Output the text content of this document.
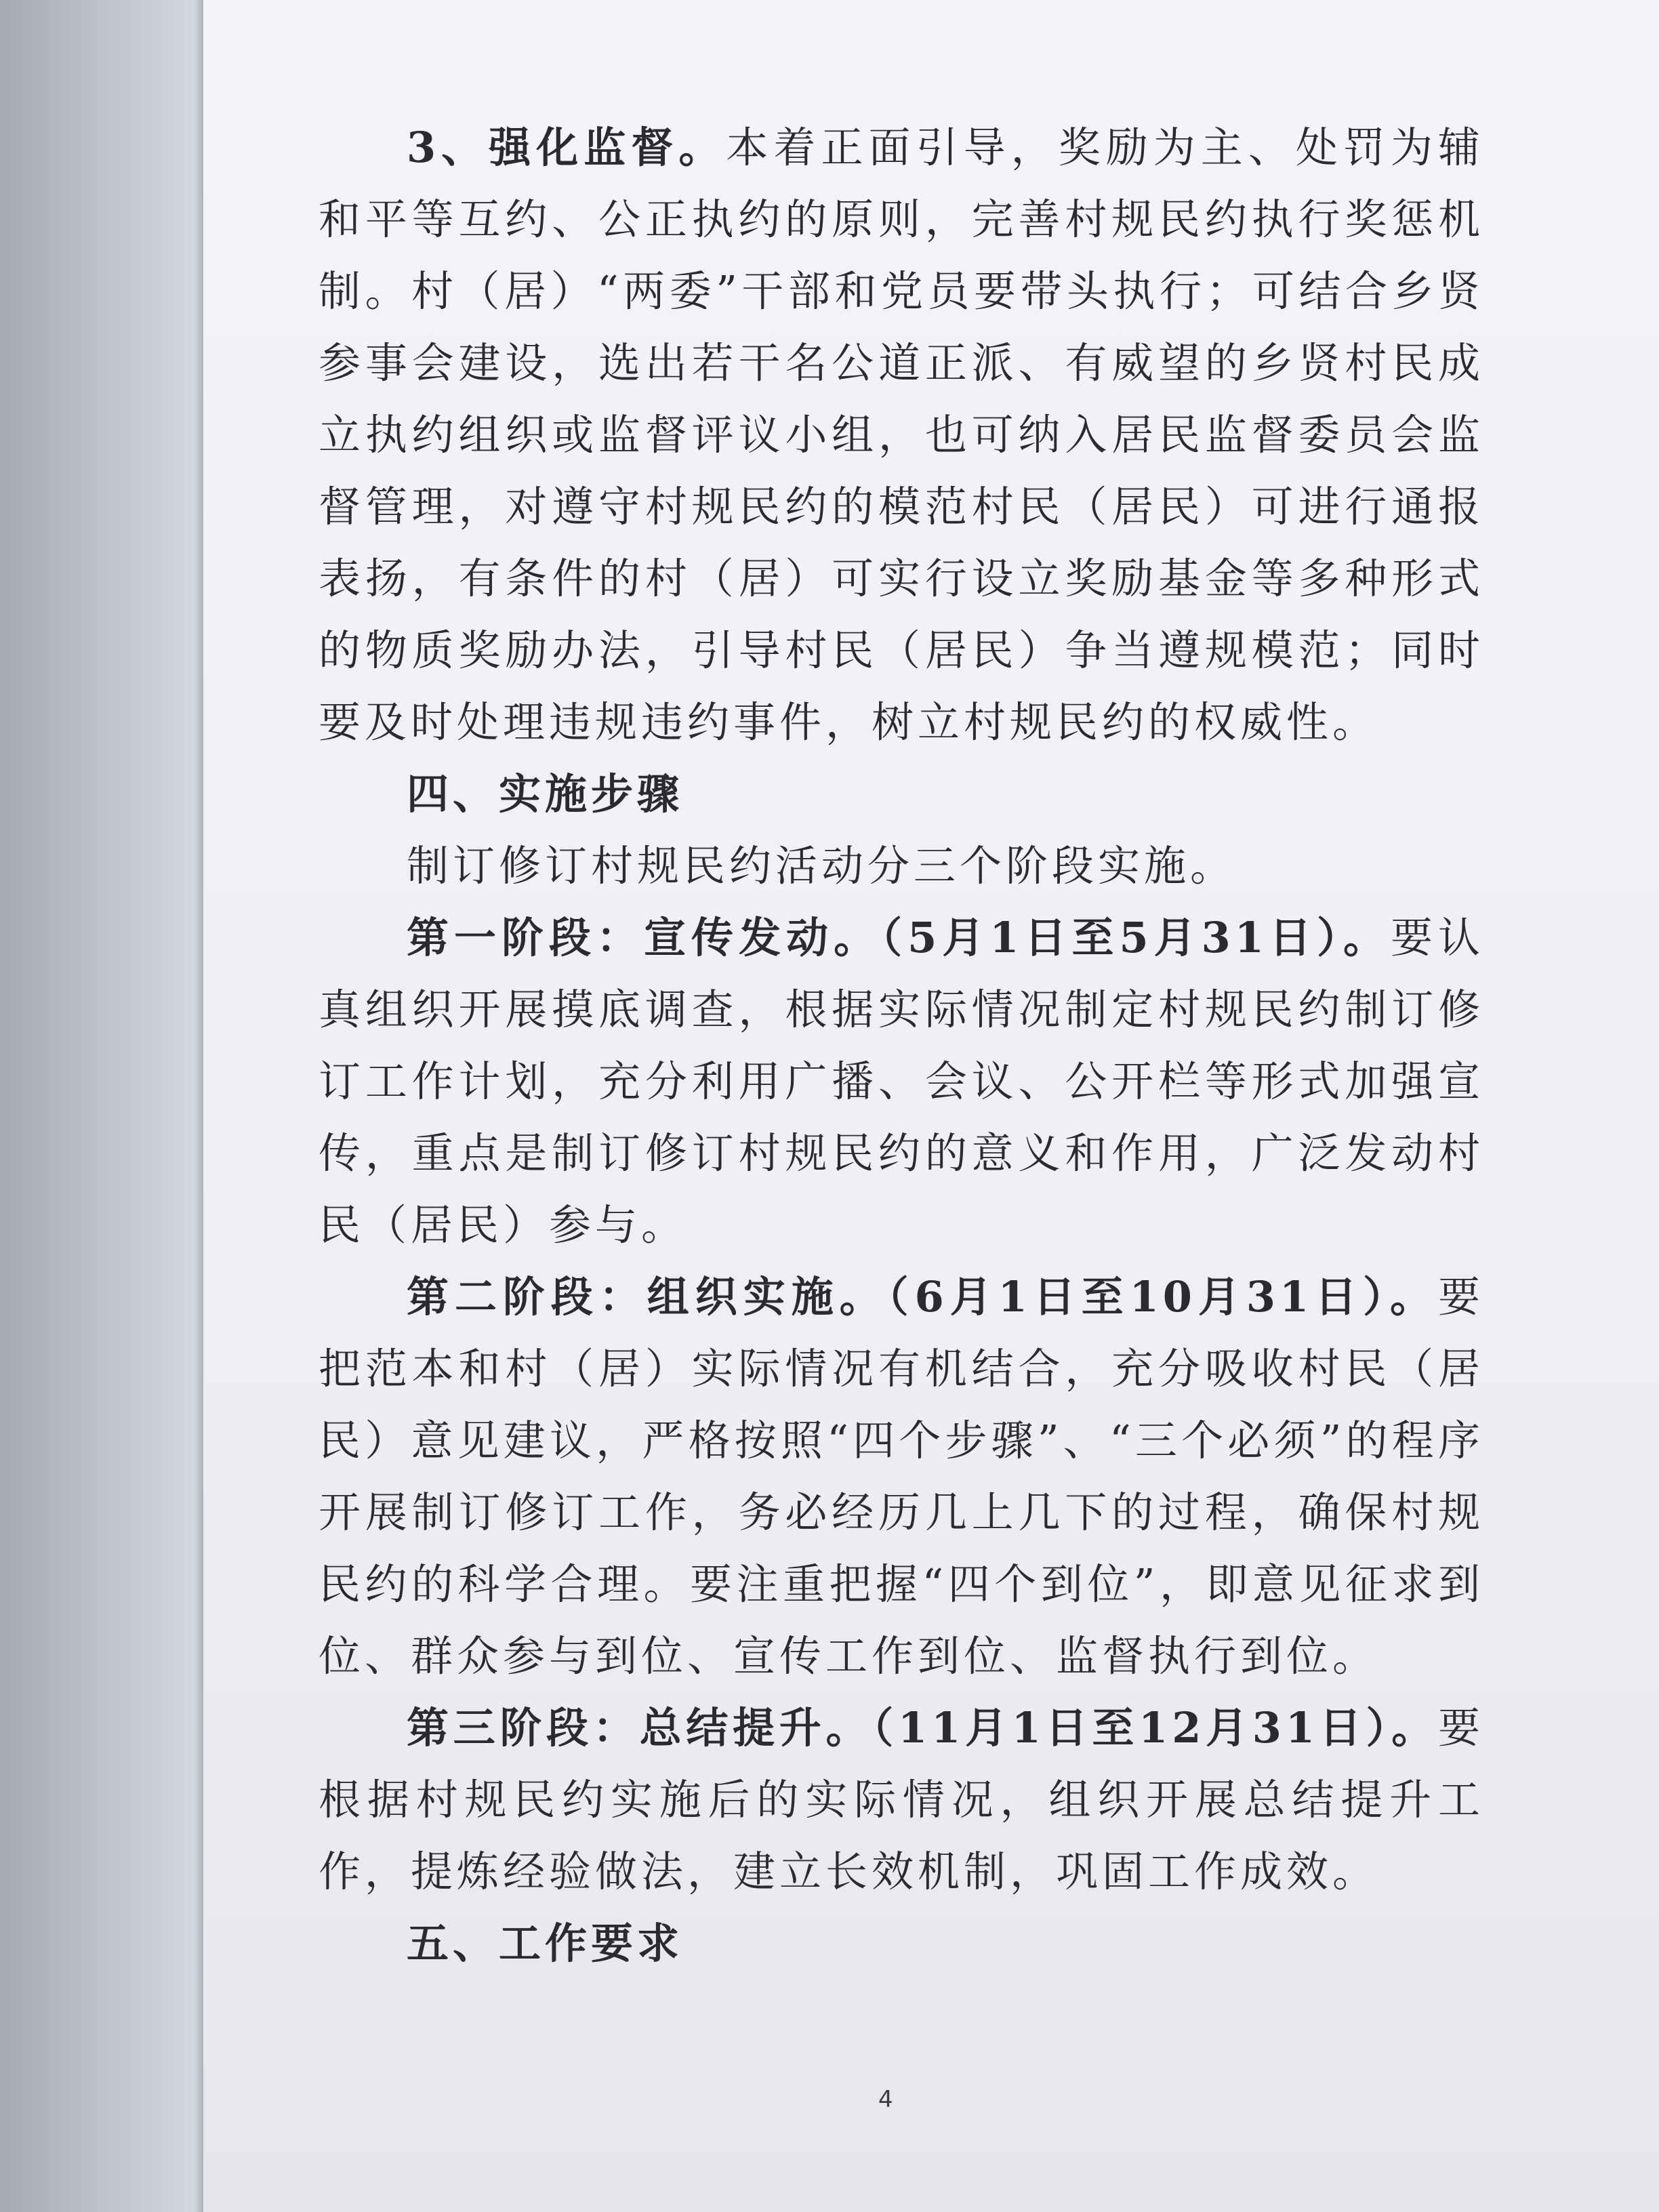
3、强化监督。本着正面引导，奖励为主、处罚为辅和平等互约、公正执约的原则，完善村规民约执行奖惩机制。村（居）“两委”干部和党员要带头执行；可结合乡贤参事会建设，选出若干名公道正派、有威望的乡贤村民成立执约组织或监督评议小组，也可纳入居民监督委员会监督管理，对遵守村规民约的模范村民（居民）可进行通报表扬，有条件的村（居）可实行设立奖励基金等多种形式的物质奖励办法，引导村民（居民）争当遵规模范；同时要及时处理违规违约事件，树立村规民约的权威性。

四、实施步骤

制订修订村规民约活动分三个阶段实施。

第一阶段：宣传发动。（5月1日至5月31日）。要认真组织开展摸底调查，根据实际情况制定村规民约制订修订工作计划，充分利用广播、会议、公开栏等形式加强宣传，重点是制订修订村规民约的意义和作用，广泛发动村民（居民）参与。

第二阶段：组织实施。（6月1日至10月31日）。要把范本和村（居）实际情况有机结合，充分吸收村民（居民）意见建议，严格按照“四个步骤”、“三个必须”的程序开展制订修订工作，务必经历几上几下的过程，确保村规民约的科学合理。要注重把握“四个到位”，即意见征求到位、群众参与到位、宣传工作到位、监督执行到位。

第三阶段：总结提升。（11月1日至12月31日）。要根据村规民约实施后的实际情况，组织开展总结提升工作，提炼经验做法，建立长效机制，巩固工作成效。

五、工作要求

4
